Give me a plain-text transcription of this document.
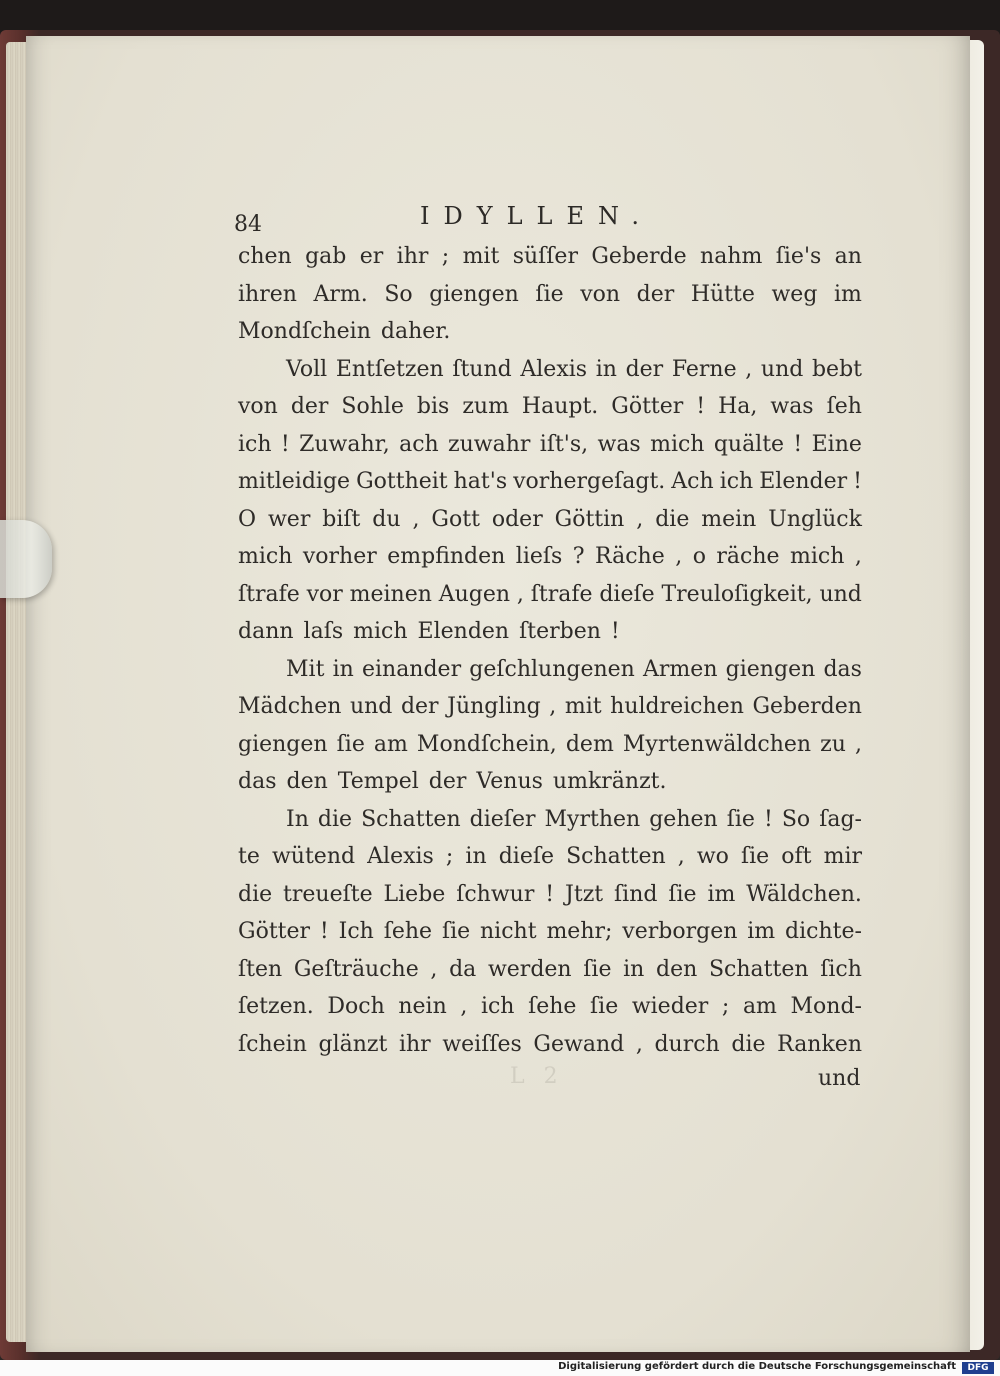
84	IDYLLEN.
chen gab er ihr ; mit süſſer Geberde nahm ſie's an
ihren Arm. So giengen ſie von der Hütte weg im
Mondſchein daher.
Voll Entſetzen ſtund Alexis in der Ferne , und bebt
von der Sohle bis zum Haupt. Götter ! Ha, was ſeh
ich ! Zuwahr, ach zuwahr iſt's, was mich quälte ! Eine
mitleidige Gottheit hat's vorhergeſagt. Ach ich Elender !
O wer biſt du , Gott oder Göttin , die mein Unglück
mich vorher empfinden lieſs ? Räche , o räche mich ,
ſtrafe vor meinen Augen , ſtrafe dieſe Treuloſigkeit, und
dann laſs mich Elenden ſterben !
Mit in einander geſchlungenen Armen giengen das
Mädchen und der Jüngling , mit huldreichen Geberden
giengen ſie am Mondſchein, dem Myrtenwäldchen zu ,
das den Tempel der Venus umkränzt.
In die Schatten dieſer Myrthen gehen ſie ! So ſag-
te wütend Alexis ; in dieſe Schatten , wo ſie oft mir
die treueſte Liebe ſchwur ! Jtzt ſind ſie im Wäldchen.
Götter ! Ich ſehe ſie nicht mehr; verborgen im dichte-
ſten Geſträuche , da werden ſie in den Schatten ſich
ſetzen. Doch nein , ich ſehe ſie wieder ; am Mond-
ſchein glänzt ihr weiſſes Gewand , durch die Ranken
L 2	und
Digitalisierung gefördert durch die Deutsche Forschungsgemeinschaft	DFG
